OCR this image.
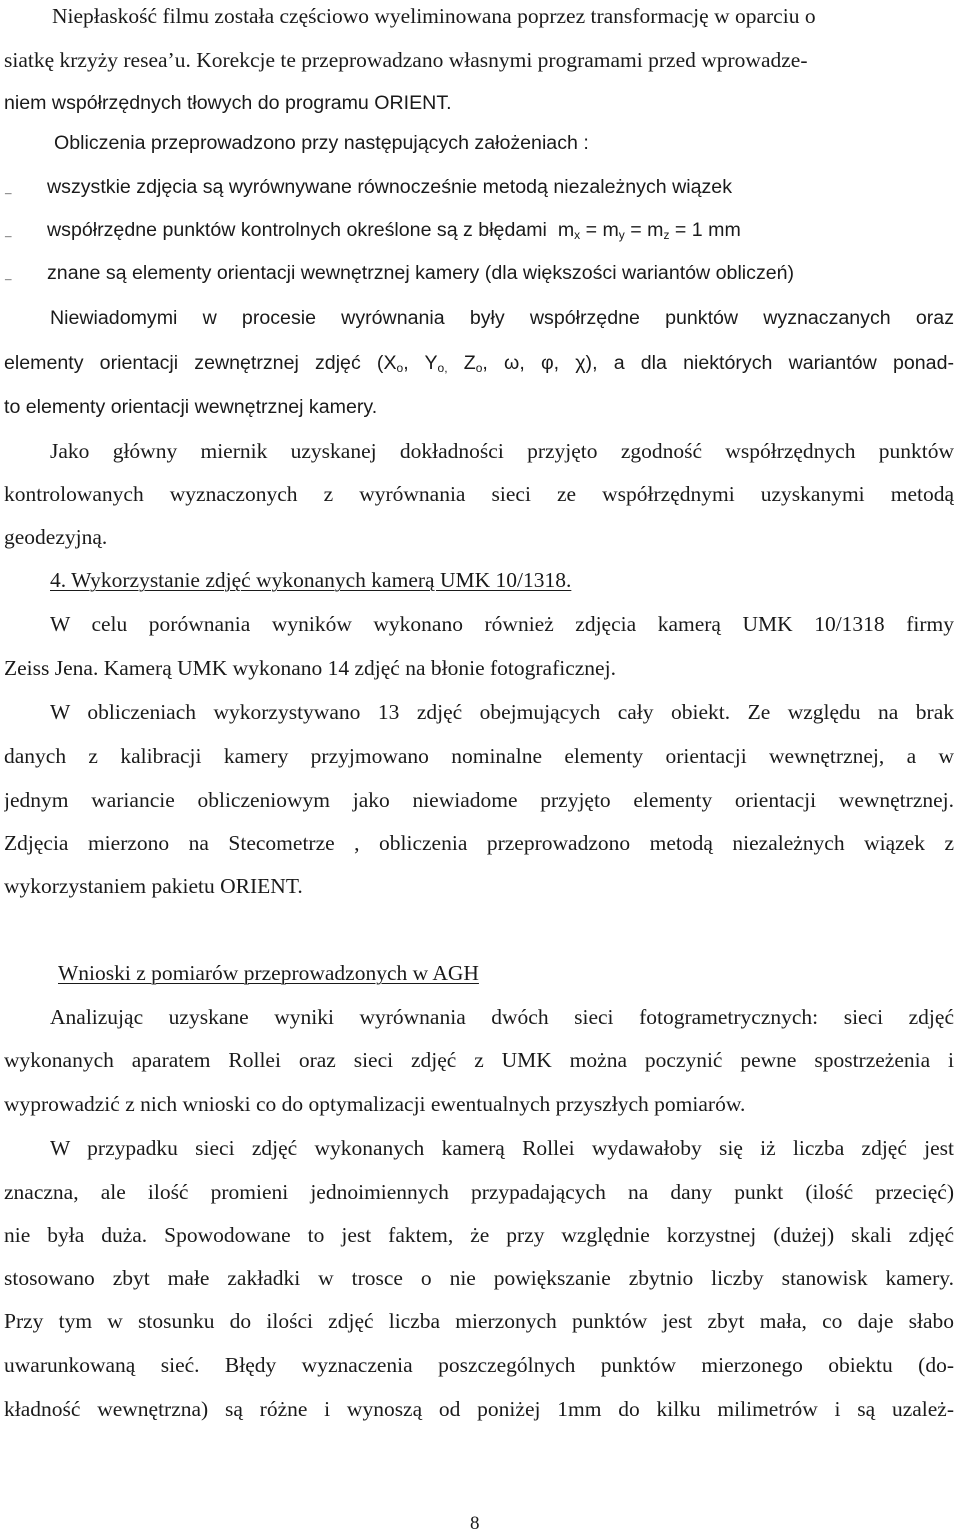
Niepłaskość filmu została częściowo wyeliminowana poprzez transformację w oparciu o

siatkę krzyży resea’u. Korekcje te przeprowadzano własnymi programami przed wprowadze-

niem współrzędnych tłowych do programu ORIENT.

Obliczenia przeprowadzono przy następujących założeniach :

– wszystkie zdjęcia są wyrównywane równocześnie metodą niezależnych wiązek

– współrzędne punktów kontrolnych określone są z błędami $m_x = m_y = m_z = 1$ mm

– znane są elementy orientacji wewnętrznej kamery (dla większości wariantów obliczeń)

Niewiadomymi w procesie wyrównania były współrzędne punktów wyznaczanych oraz

elementy orientacji zewnętrznej zdjęć ($X_o$, $Y_{o,}$ $Z_o$, ω, φ, χ), a dla niektórych wariantów ponad-

to elementy orientacji wewnętrznej kamery.

Jako główny miernik uzyskanej dokładności przyjęto zgodność współrzędnych punktów

kontrolowanych wyznaczonych z wyrównania sieci ze współrzędnymi uzyskanymi metodą

geodezyjną.

4. Wykorzystanie zdjęć wykonanych kamerą UMK 10/1318.

W celu porównania wyników wykonano również zdjęcia kamerą UMK 10/1318 firmy

Zeiss Jena. Kamerą UMK wykonano 14 zdjęć na błonie fotograficznej.

W obliczeniach wykorzystywano 13 zdjęć obejmujących cały obiekt. Ze względu na brak

danych z kalibracji kamery przyjmowano nominalne elementy orientacji wewnętrznej, a w

jednym wariancie obliczeniowym jako niewiadome przyjęto elementy orientacji wewnętrznej.

Zdjęcia mierzono na Stecometrze , obliczenia przeprowadzono metodą niezależnych wiązek z

wykorzystaniem pakietu ORIENT.

Wnioski z pomiarów przeprowadzonych w AGH

Analizując uzyskane wyniki wyrównania dwóch sieci fotogrametrycznych: sieci zdjęć

wykonanych aparatem Rollei oraz sieci zdjęć z UMK można poczynić pewne spostrzeżenia i

wyprowadzić z nich wnioski co do optymalizacji ewentualnych przyszłych pomiarów.

W przypadku sieci zdjęć wykonanych kamerą Rollei wydawałoby się iż liczba zdjęć jest

znaczna, ale ilość promieni jednoimiennych przypadających na dany punkt (ilość przecięć)

nie była duża. Spowodowane to jest faktem, że przy względnie korzystnej (dużej) skali zdjęć

stosowano zbyt małe zakładki w trosce o nie powiększanie zbytnio liczby stanowisk kamery.

Przy tym w stosunku do ilości zdjęć liczba mierzonych punktów jest zbyt mała, co daje słabo

uwarunkowaną sieć. Błędy wyznaczenia poszczególnych punktów mierzonego obiektu (do-

kładność wewnętrzna) są różne i wynoszą od poniżej 1mm do kilku milimetrów i są uzależ-

8
